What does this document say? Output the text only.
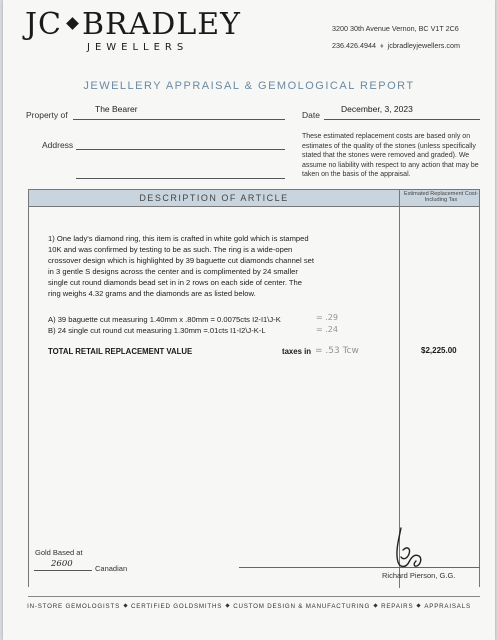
JC BRADLEY
JEWELLERS
3200 30th Avenue Vernon, BC V1T 2C6
236.426.4944 ♦ jcbradleyjewellers.com
JEWELLERY APPRAISAL & GEMOLOGICAL REPORT
Property of
The Bearer
Date
December, 3, 2023
Address
These estimated replacement costs are based only on estimates of the quality of the stones (unless specifically stated that the stones were removed and graded). We assume no liability with respect to any action that may be taken on the basis of the appraisal.
DESCRIPTION OF ARTICLE	Estimated Replacement Cost-Including Tax
1) One lady's diamond ring, this item is crafted in white gold which is stamped 10K and was confirmed by testing to be as such. The ring is a wide-open crossover design which is highlighted by 39 baguette cut diamonds channel set in 3 gentle S designs across the center and is complimented by 24 smaller single cut round diamonds bead set in in 2 rows on each side of center. The ring weighs 4.32 grams and the diamonds are as listed below.
A) 39 baguette cut measuring 1.40mm x .80mm = 0.0075cts I2-I1\J-K	= .29
B) 24 single cut round cut measuring 1.30mm =.01cts I1-I2\J-K-L	= .24
TOTAL RETAIL REPLACEMENT VALUE	taxes in = .53 Tcw	$2,225.00
Gold Based at
2600	Canadian
Richard Pierson, G.G.
IN-STORE GEMOLOGISTS CERTIFIED GOLDSMITHS CUSTOM DESIGN & MANUFACTURING REPAIRS APPRAISALS
